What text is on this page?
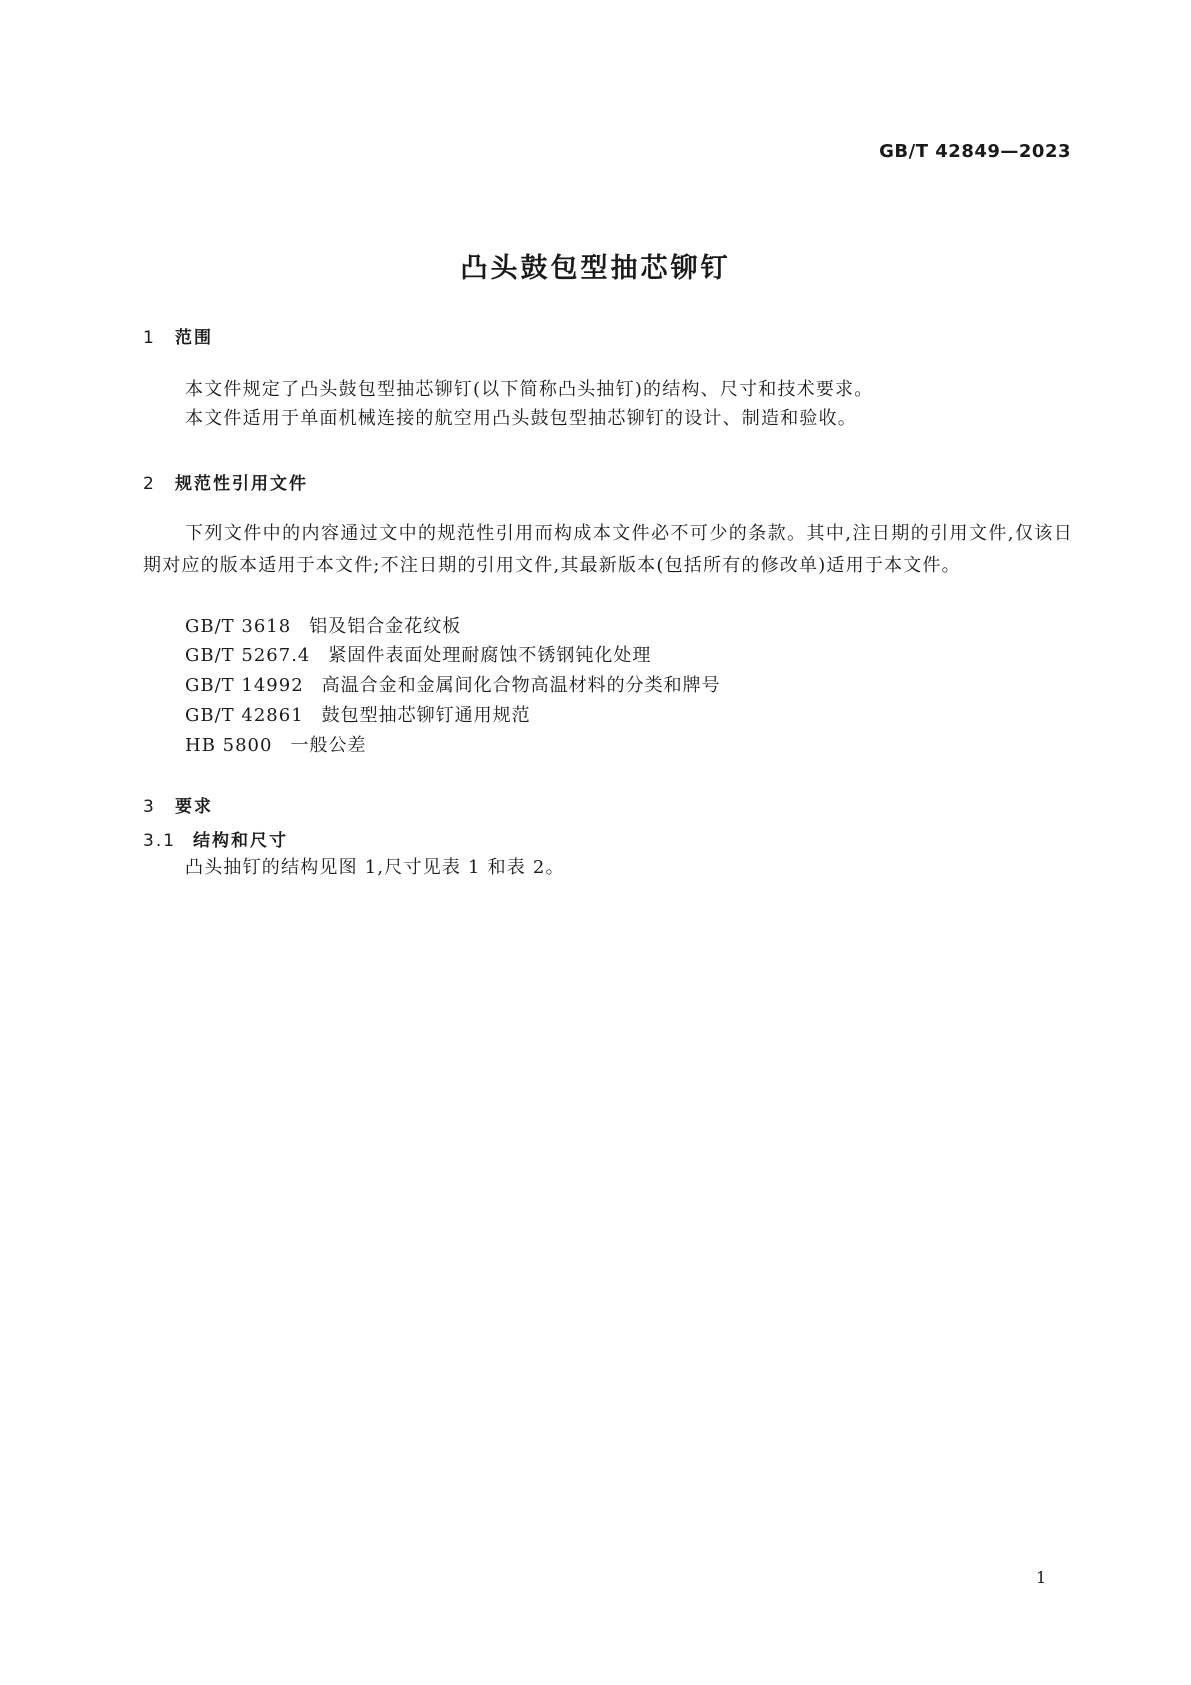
GB/T 42849—2023
凸头鼓包型抽芯铆钉
1 范围
本文件规定了凸头鼓包型抽芯铆钉(以下简称凸头抽钉)的结构、尺寸和技术要求。
本文件适用于单面机械连接的航空用凸头鼓包型抽芯铆钉的设计、制造和验收。
2 规范性引用文件
下列文件中的内容通过文中的规范性引用而构成本文件必不可少的条款。其中,注日期的引用文件,仅该日期对应的版本适用于本文件;不注日期的引用文件,其最新版本(包括所有的修改单)适用于本文件。
GB/T 3618 铝及铝合金花纹板
GB/T 5267.4 紧固件表面处理耐腐蚀不锈钢钝化处理
GB/T 14992 高温合金和金属间化合物高温材料的分类和牌号
GB/T 42861 鼓包型抽芯铆钉通用规范
HB 5800 一般公差
3 要求
3.1 结构和尺寸
凸头抽钉的结构见图 1,尺寸见表 1 和表 2。
1
